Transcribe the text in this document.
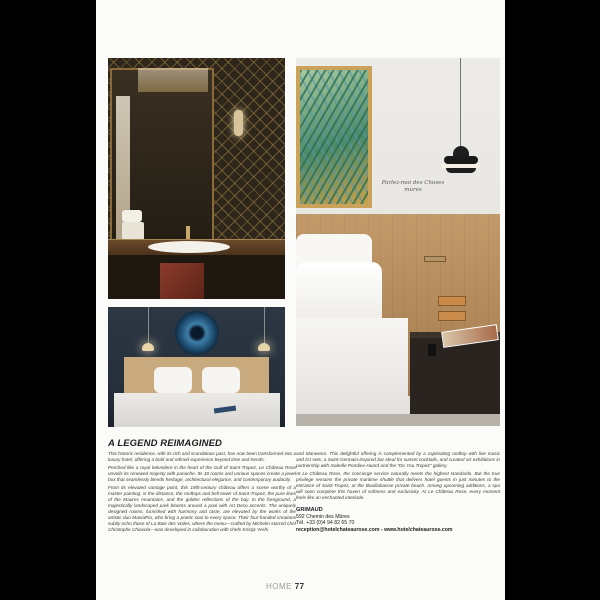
Parlez-moi des Choses mures
A LEGEND REIMAGINED

This historic residence, with its rich and scandalous past, has now been transformed into a luxury hotel, offering a bold and refined experience beyond time and trends.

Perched like a royal belvedere in the heart of the Gulf of Saint-Tropez, Le Château Rose unveils its renewed majesty with panache. Its 18 rooms and various spaces create a jewel box that seamlessly blends heritage, architectural elegance, and contemporary audacity.

From its elevated vantage point, this 19th-century château offers a scene worthy of a master painting: in the distance, the rooftops and bell tower of Saint-Tropez, the pure lines of the Maures mountains, and the golden reflections of the bay. In the foreground, a majestically landscaped park blooms around a pool with Art Deco accents. The uniquely designed rooms, furnished with harmony and taste, are elevated by the works of the artistic duo ManiaPia, who bring a poetic soul to every space. Their four-handed creations subtly echo those of La Baie des Voiles, where the menu—crafted by Michelin-starred chef Christophe Chiavola—was developed in collaboration with chefs Kristjä Yeshi

and Manwena. This delightful offering is complemented by a captivating rooftop with live music and DJ sets, a Saint-Germain-inspired bar ideal for sunset cocktails, and curated art exhibitions in partnership with Isabelle Pondiex-Huard and the "Do You Tropez" gallery.

At Le Château Rose, the concierge service naturally meets the highest standards. But the true privilege remains the private maritime shuttle that delivers hotel guests in just minutes to the entrance of Saint-Tropez, at the Bouillabaisse private beach. Among upcoming additions, a spa will soon complete this haven of softness and exclusivity. At Le Château Rose, every moment feels like an enchanted interlude.

GRIMAUD
592 Chemin des Mûres
Tél. +33 (0)4 94 82 65 70
reception@hotelchateaurose.com - www.hotelchateaurose.com
HOME 77
